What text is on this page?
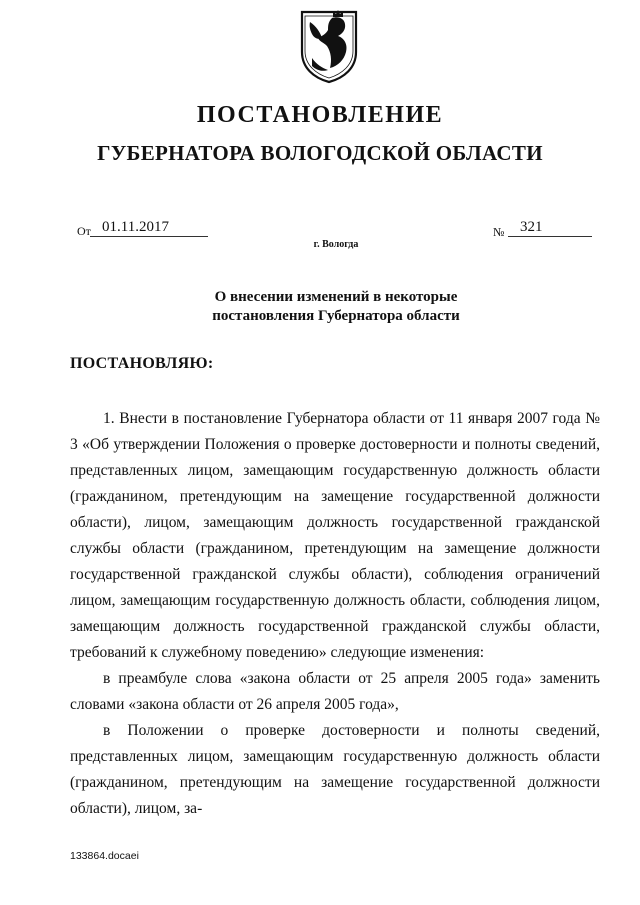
ПОСТАНОВЛЕНИЕ
ГУБЕРНАТОРА ВОЛОГОДСКОЙ ОБЛАСТИ
От 01.11.2017	№	321
г. Вологда
О внесении изменений в некоторые
постановления Губернатора области
ПОСТАНОВЛЯЮ:

1. Внести в постановление Губернатора области от 11 января 2007 года № 3 «Об утверждении Положения о проверке достоверности и полноты сведений, представленных лицом, замещающим государственную должность области (гражданином, претендующим на замещение государственной должности области), лицом, замещающим должность государственной гражданской службы области (гражданином, претендующим на замещение должности государственной гражданской службы области), соблюдения ограничений лицом, замещающим государственную должность области, соблюдения лицом, замещающим должность государственной гражданской службы области, требований к служебному поведению» следующие изменения:

в преамбуле слова «закона области от 25 апреля 2005 года» заменить словами «закона области от 26 апреля 2005 года»,

в Положении о проверке достоверности и полноты сведений, представленных лицом, замещающим государственную должность области (гражданином, претендующим на замещение государственной должности области), лицом, за-

133864.docaei
